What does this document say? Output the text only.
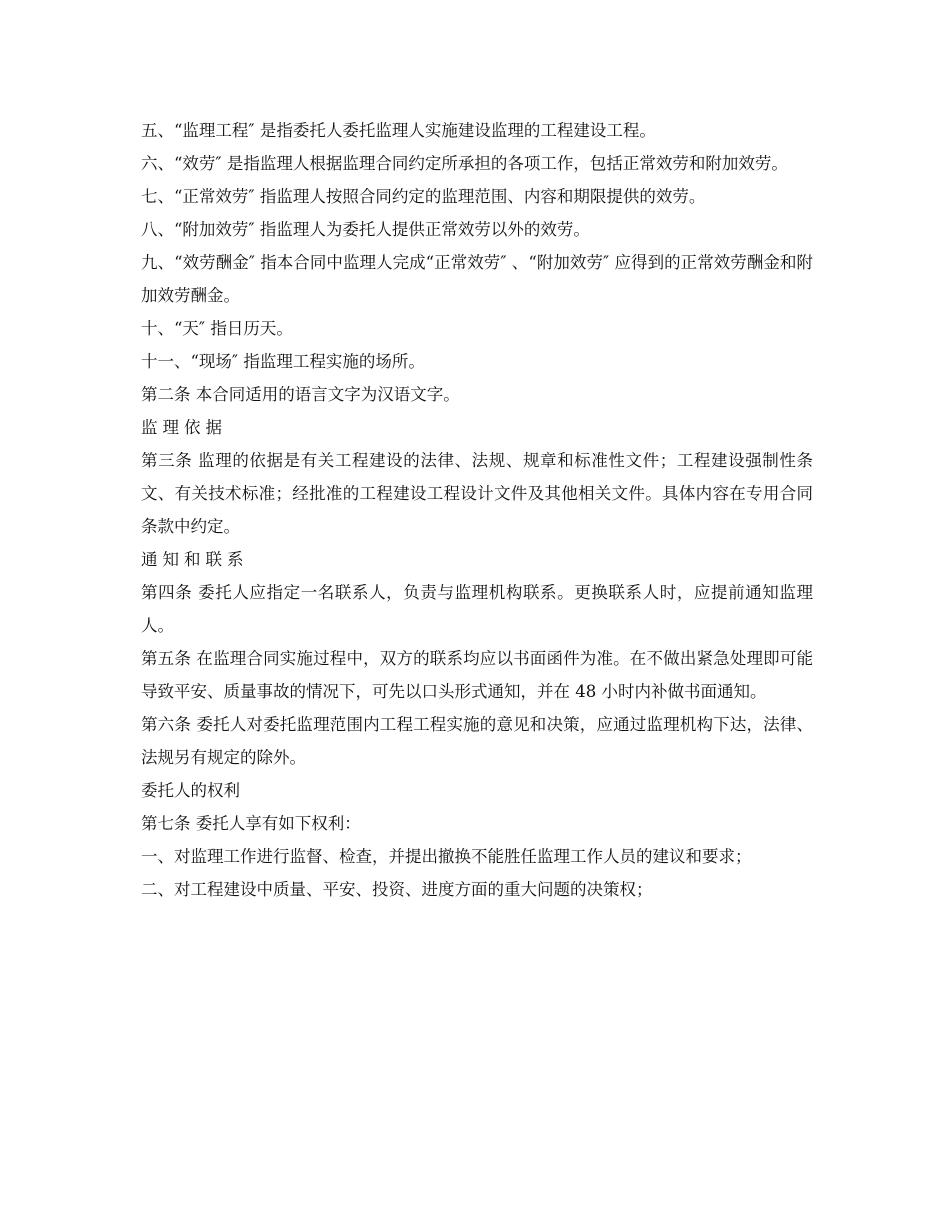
五、“监理工程″ 是指委托人委托监理人实施建设监理的工程建设工程。

六、“效劳″ 是指监理人根据监理合同约定所承担的各项工作，包括正常效劳和附加效劳。

七、“正常效劳″ 指监理人按照合同约定的监理范围、内容和期限提供的效劳。

八、“附加效劳″ 指监理人为委托人提供正常效劳以外的效劳。

九、“效劳酬金″ 指本合同中监理人完成“正常效劳″ 、“附加效劳″ 应得到的正常效劳酬金和附加效劳酬金。

十、“天″ 指日历天。

十一、“现场″ 指监理工程实施的场所。

第二条 本合同适用的语言文字为汉语文字。

监理依据

第三条 监理的依据是有关工程建设的法律、法规、规章和标准性文件；工程建设强制性条文、有关技术标准；经批准的工程建设工程设计文件及其他相关文件。具体内容在专用合同条款中约定。

通知和联系

第四条 委托人应指定一名联系人，负责与监理机构联系。更换联系人时，应提前通知监理人。

第五条 在监理合同实施过程中，双方的联系均应以书面函件为准。在不做出紧急处理即可能导致平安、质量事故的情况下，可先以口头形式通知，并在 48 小时内补做书面通知。

第六条 委托人对委托监理范围内工程工程实施的意见和决策，应通过监理机构下达，法律、法规另有规定的除外。

委托人的权利

第七条 委托人享有如下权利：

一、对监理工作进行监督、检查，并提出撤换不能胜任监理工作人员的建议和要求；

二、对工程建设中质量、平安、投资、进度方面的重大问题的决策权；
